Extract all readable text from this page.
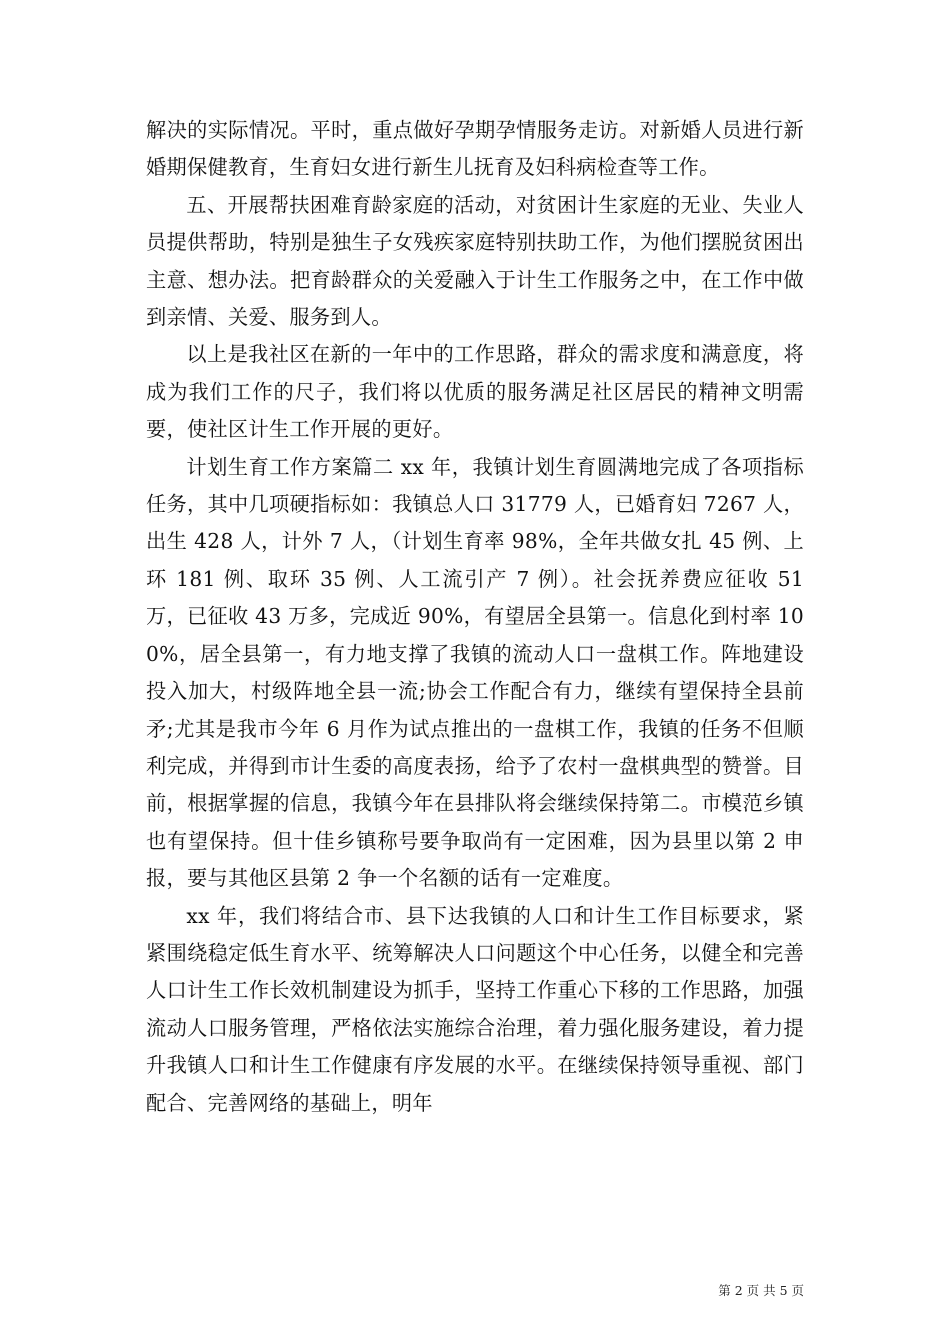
解决的实际情况。平时，重点做好孕期孕情服务走访。对新婚人员进行新婚期保健教育，生育妇女进行新生儿抚育及妇科病检查等工作。

五、开展帮扶困难育龄家庭的活动，对贫困计生家庭的无业、失业人员提供帮助，特别是独生子女残疾家庭特别扶助工作，为他们摆脱贫困出主意、想办法。把育龄群众的关爱融入于计生工作服务之中，在工作中做到亲情、关爱、服务到人。

以上是我社区在新的一年中的工作思路，群众的需求度和满意度，将成为我们工作的尺子，我们将以优质的服务满足社区居民的精神文明需要，使社区计生工作开展的更好。

计划生育工作方案篇二 xx 年，我镇计划生育圆满地完成了各项指标任务，其中几项硬指标如：我镇总人口 31779 人，已婚育妇 7267 人，出生 428 人，计外 7 人，（计划生育率 98%，全年共做女扎 45 例、上环 181 例、取环 35 例、人工流引产 7 例）。社会抚养费应征收 51 万，已征收 43 万多，完成近 90%，有望居全县第一。信息化到村率 100%，居全县第一，有力地支撑了我镇的流动人口一盘棋工作。阵地建设投入加大，村级阵地全县一流;协会工作配合有力，继续有望保持全县前矛;尤其是我市今年 6 月作为试点推出的一盘棋工作，我镇的任务不但顺利完成，并得到市计生委的高度表扬，给予了农村一盘棋典型的赞誉。目前，根据掌握的信息，我镇今年在县排队将会继续保持第二。市模范乡镇也有望保持。但十佳乡镇称号要争取尚有一定困难，因为县里以第 2 申报，要与其他区县第 2 争一个名额的话有一定难度。

xx 年，我们将结合市、县下达我镇的人口和计生工作目标要求，紧紧围绕稳定低生育水平、统筹解决人口问题这个中心任务，以健全和完善人口计生工作长效机制建设为抓手，坚持工作重心下移的工作思路，加强流动人口服务管理，严格依法实施综合治理，着力强化服务建设，着力提升我镇人口和计生工作健康有序发展的水平。在继续保持领导重视、部门配合、完善网络的基础上，明年

第 2 页 共 5 页
